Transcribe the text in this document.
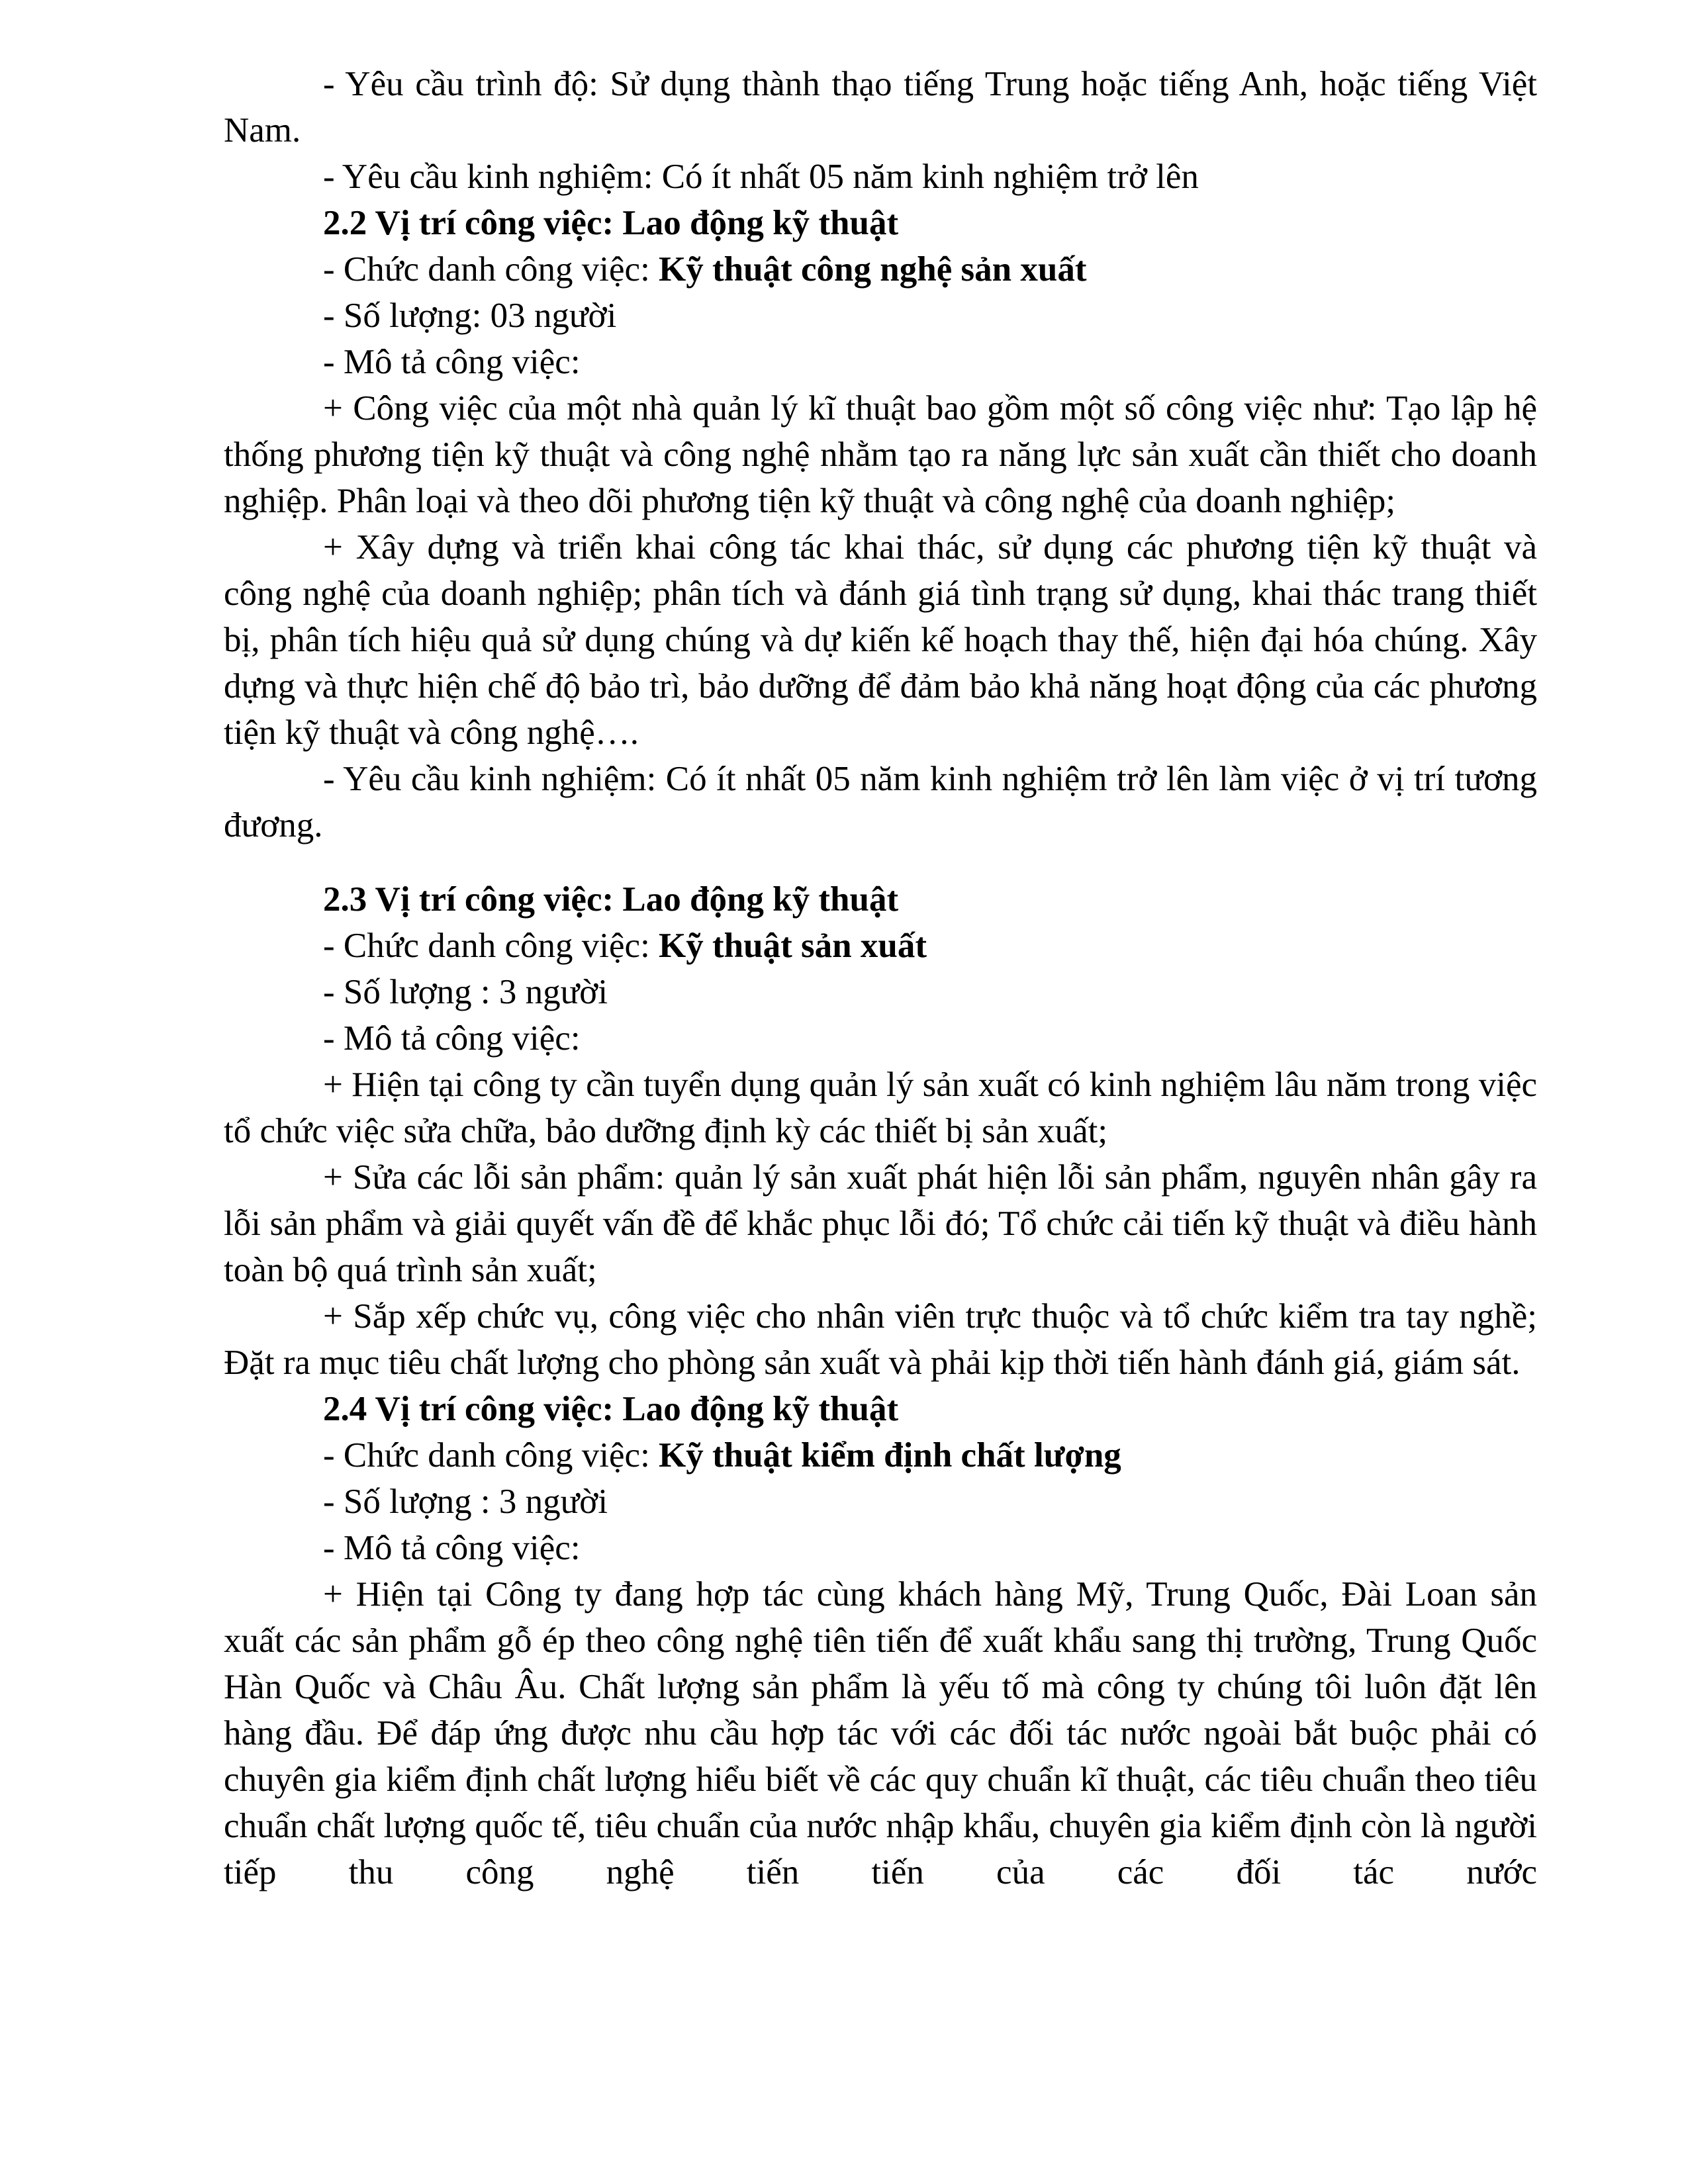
- Yêu cầu trình độ: Sử dụng thành thạo tiếng Trung hoặc tiếng Anh, hoặc tiếng Việt Nam.

- Yêu cầu kinh nghiệm: Có ít nhất 05 năm kinh nghiệm trở lên

2.2 Vị trí công việc: Lao động kỹ thuật

- Chức danh công việc: Kỹ thuật công nghệ sản xuất

- Số lượng: 03 người

- Mô tả công việc:

+ Công việc của một nhà quản lý kĩ thuật bao gồm một số công việc như: Tạo lập hệ thống phương tiện kỹ thuật và công nghệ nhằm tạo ra năng lực sản xuất cần thiết cho doanh nghiệp. Phân loại và theo dõi phương tiện kỹ thuật và công nghệ của doanh nghiệp;

+ Xây dựng và triển khai công tác khai thác, sử dụng các phương tiện kỹ thuật và công nghệ của doanh nghiệp; phân tích và đánh giá tình trạng sử dụng, khai thác trang thiết bị, phân tích hiệu quả sử dụng chúng và dự kiến kế hoạch thay thế, hiện đại hóa chúng. Xây dựng và thực hiện chế độ bảo trì, bảo dưỡng để đảm bảo khả năng hoạt động của các phương tiện kỹ thuật và công nghệ….

- Yêu cầu kinh nghiệm: Có ít nhất 05 năm kinh nghiệm trở lên làm việc ở vị trí tương đương.

2.3 Vị trí công việc: Lao động kỹ thuật

- Chức danh công việc: Kỹ thuật sản xuất

- Số lượng : 3 người

- Mô tả công việc:

+ Hiện tại công ty cần tuyển dụng quản lý sản xuất có kinh nghiệm lâu năm trong việc tổ chức việc sửa chữa, bảo dưỡng định kỳ các thiết bị sản xuất;

+ Sửa các lỗi sản phẩm: quản lý sản xuất phát hiện lỗi sản phẩm, nguyên nhân gây ra lỗi sản phẩm và giải quyết vấn đề để khắc phục lỗi đó; Tổ chức cải tiến kỹ thuật và điều hành toàn bộ quá trình sản xuất;

+ Sắp xếp chức vụ, công việc cho nhân viên trực thuộc và tổ chức kiểm tra tay nghề; Đặt ra mục tiêu chất lượng cho phòng sản xuất và phải kịp thời tiến hành đánh giá, giám sát.

2.4 Vị trí công việc: Lao động kỹ thuật

- Chức danh công việc: Kỹ thuật kiểm định chất lượng

- Số lượng : 3 người

- Mô tả công việc:

+ Hiện tại Công ty đang hợp tác cùng khách hàng Mỹ, Trung Quốc, Đài Loan sản xuất các sản phẩm gỗ ép theo công nghệ tiên tiến để xuất khẩu sang thị trường, Trung Quốc Hàn Quốc và Châu Âu. Chất lượng sản phẩm là yếu tố mà công ty chúng tôi luôn đặt lên hàng đầu. Để đáp ứng được nhu cầu hợp tác với các đối tác nước ngoài bắt buộc phải có chuyên gia kiểm định chất lượng hiểu biết về các quy chuẩn kĩ thuật, các tiêu chuẩn theo tiêu chuẩn chất lượng quốc tế, tiêu chuẩn của nước nhập khẩu, chuyên gia kiểm định còn là người tiếp thu công nghệ tiến tiến của các đối tác nước
